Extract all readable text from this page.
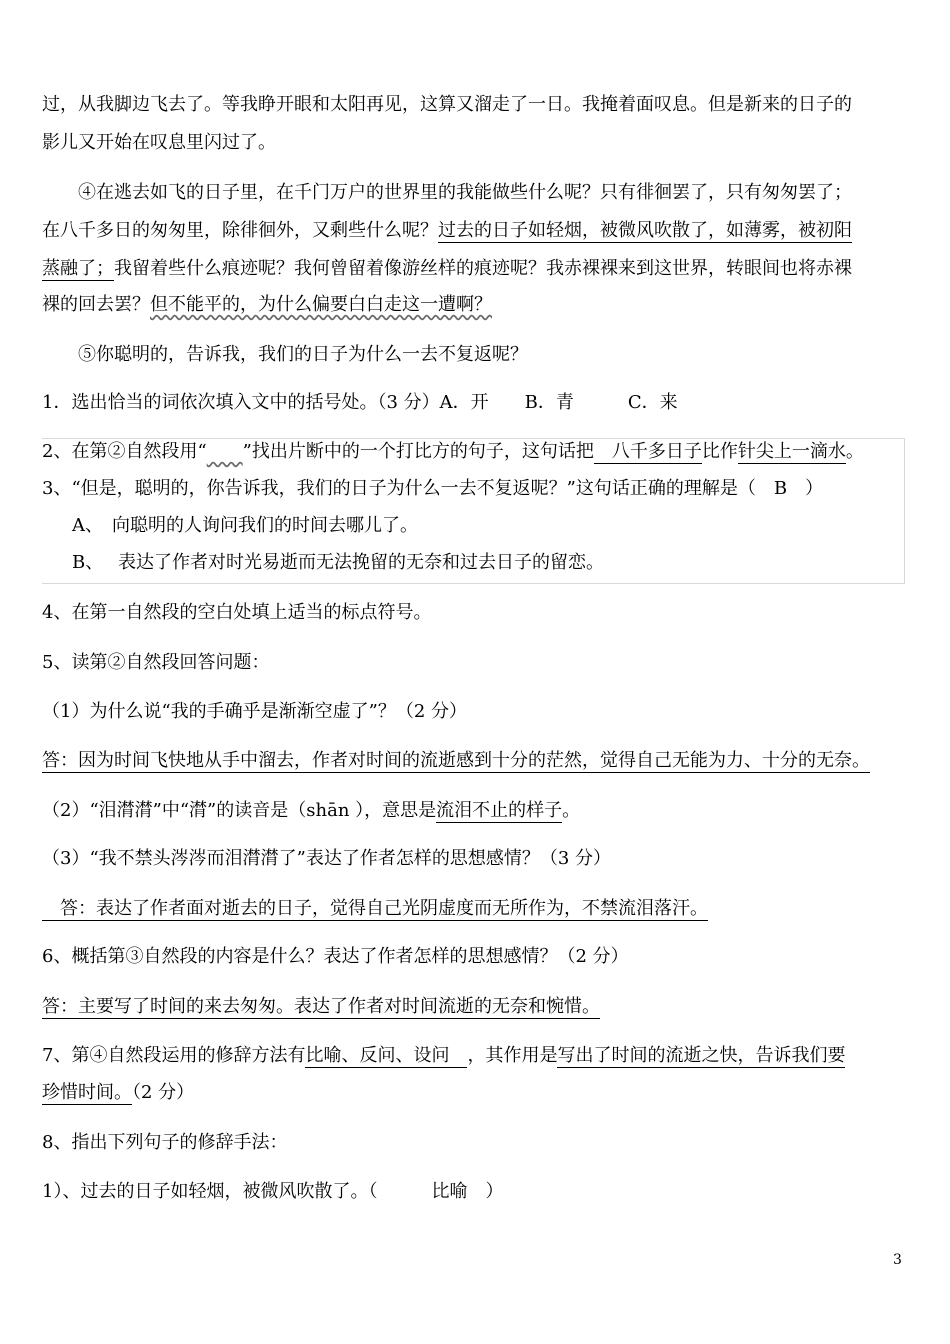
过，从我脚边飞去了。等我睁开眼和太阳再见，这算又溜走了一日。我掩着面叹息。但是新来的日子的
影儿又开始在叹息里闪过了。
④在逃去如飞的日子里，在千门万户的世界里的我能做些什么呢？只有徘徊罢了，只有匆匆罢了；
在八千多日的匆匆里，除徘徊外，又剩些什么呢？过去的日子如轻烟，被微风吹散了，如薄雾，被初阳
蒸融了；我留着些什么痕迹呢？我何曾留着像游丝样的痕迹呢？我赤裸裸来到这世界，转眼间也将赤裸
裸的回去罢？但不能平的，为什么偏要白白走这一遭啊？
⑤你聪明的，告诉我，我们的日子为什么一去不复返呢？
1．选出恰当的词依次填入文中的括号处。（3 分）A．开　　B．青　　　C．来
2、在第②自然段用“　　 ”找出片断中的一个打比方的句子，这句话把　八千多日子比作针尖上一滴水。
3、“但是，聪明的，你告诉我，我们的日子为什么一去不复返呢？”这句话正确的理解是（　B　）
A、　向聪明的人询问我们的时间去哪儿了。
B、　 表达了作者对时光易逝而无法挽留的无奈和过去日子的留恋。
4、在第一自然段的空白处填上适当的标点符号。
5、读第②自然段回答问题：
（1）为什么说“我的手确乎是渐渐空虚了”？（2 分）
答：因为时间飞快地从手中溜去，作者对时间的流逝感到十分的茫然，觉得自己无能为力、十分的无奈。
（2）“泪潸潸”中“潸”的读音是（shān ），意思是流泪不止的样子。
（3）“我不禁头涔涔而泪潸潸了”表达了作者怎样的思想感情？（3 分）
　答：表达了作者面对逝去的日子，觉得自己光阴虚度而无所作为，不禁流泪落汗。
6、概括第③自然段的内容是什么？表达了作者怎样的思想感情？（2 分）
答：主要写了时间的来去匆匆。表达了作者对时间流逝的无奈和惋惜。
7、第④自然段运用的修辞方法有比喻、反问、设问　，其作用是写出了时间的流逝之快，告诉我们要
珍惜时间。（2 分）
8、指出下列句子的修辞手法：
1）、过去的日子如轻烟，被微风吹散了。（　　　比喻　）
3
